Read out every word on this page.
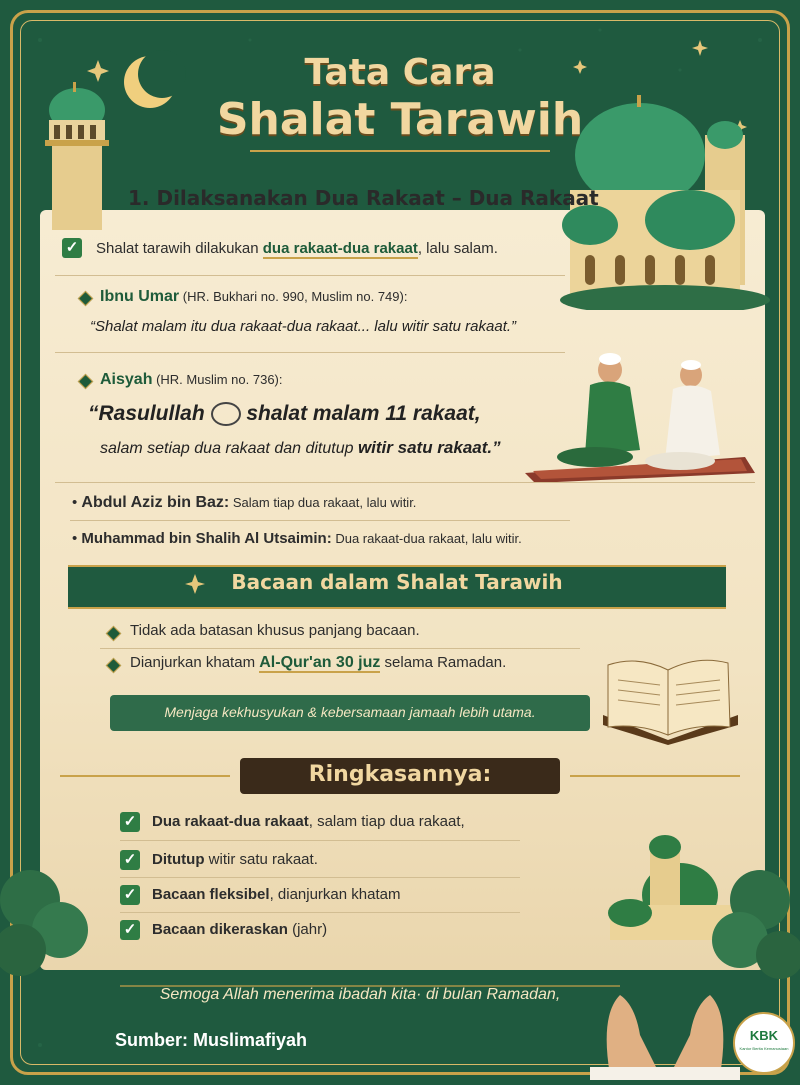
Tata Cara
Shalat Tarawih
1. Dilaksanakan Dua Rakaat – Dua Rakaat
✓ Shalat tarawih dilakukan dua rakaat-dua rakaat, lalu salam.
Ibnu Umar (HR. Bukhari no. 990, Muslim no. 749):
“Shalat malam itu dua rakaat-dua rakaat... lalu witir satu rakaat.”
Aisyah (HR. Muslim no. 736):
“Rasulullah  shalat malam 11 rakaat,
salam setiap dua rakaat dan ditutup witir satu rakaat.”
• Abdul Aziz bin Baz: Salam tiap dua rakaat, lalu witir.
• Muhammad bin Shalih Al Utsaimin: Dua rakaat-dua rakaat, lalu witir.
Bacaan dalam Shalat Tarawih
Tidak ada batasan khusus panjang bacaan.
Dianjurkan khatam Al-Qur'an 30 juz selama Ramadan.
Menjaga kekhusyukan & kebersamaan jamaah lebih utama.
Ringkasannya:
✓ Dua rakaat-dua rakaat, salam tiap dua rakaat,
✓ Ditutup witir satu rakaat.
✓ Bacaan fleksibel, dianjurkan khatam
✓ Bacaan dikeraskan (jahr)
Semoga Allah menerima ibadah kita· di bulan Ramadan,
Sumber: Muslimafiyah	KBK
Kantor Berita Kemanusiaan
